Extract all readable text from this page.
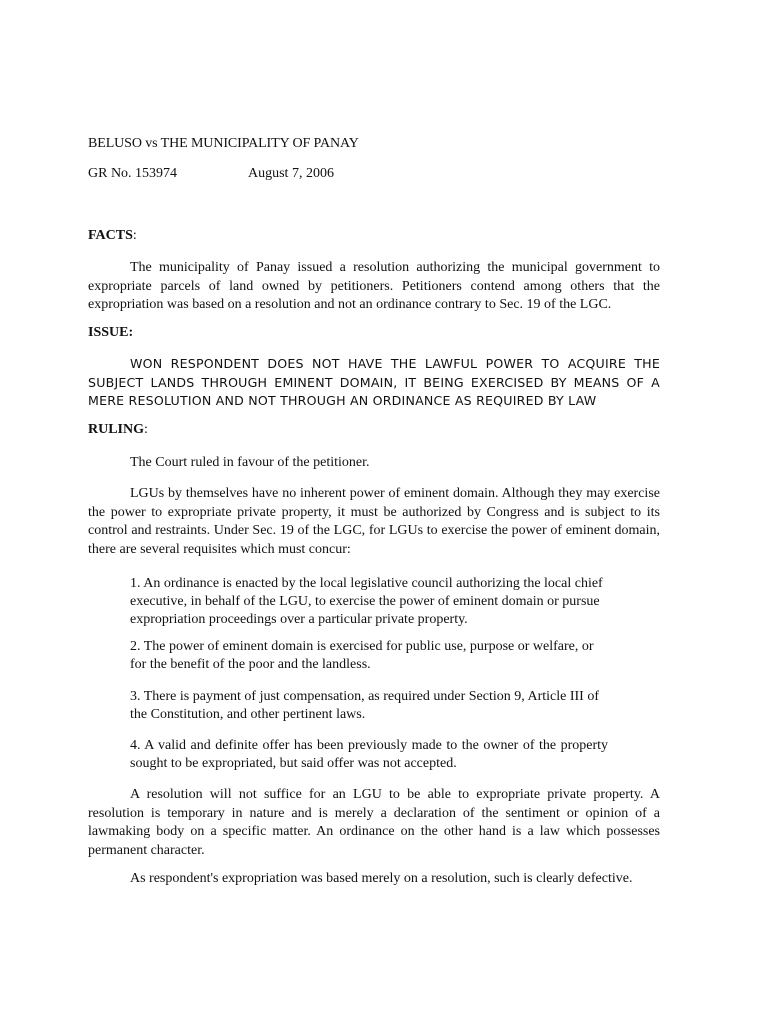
BELUSO vs THE MUNICIPALITY OF PANAY
GR No. 153974	August 7, 2006
FACTS:
The municipality of Panay issued a resolution authorizing the municipal government to expropriate parcels of land owned by petitioners. Petitioners contend among others that the expropriation was based on a resolution and not an ordinance contrary to Sec. 19 of the LGC.
ISSUE:
WON RESPONDENT DOES NOT HAVE THE LAWFUL POWER TO ACQUIRE THE SUBJECT LANDS THROUGH EMINENT DOMAIN, IT BEING EXERCISED BY MEANS OF A MERE RESOLUTION AND NOT THROUGH AN ORDINANCE AS REQUIRED BY LAW
RULING:
The Court ruled in favour of the petitioner.
LGUs by themselves have no inherent power of eminent domain. Although they may exercise the power to expropriate private property, it must be authorized by Congress and is subject to its control and restraints. Under Sec. 19 of the LGC, for LGUs to exercise the power of eminent domain, there are several requisites which must concur:
1. An ordinance is enacted by the local legislative council authorizing the local chief executive, in behalf of the LGU, to exercise the power of eminent domain or pursue expropriation proceedings over a particular private property.
2. The power of eminent domain is exercised for public use, purpose or welfare, or for the benefit of the poor and the landless.
3. There is payment of just compensation, as required under Section 9, Article III of the Constitution, and other pertinent laws.
4. A valid and definite offer has been previously made to the owner of the property sought to be expropriated, but said offer was not accepted.
A resolution will not suffice for an LGU to be able to expropriate private property. A resolution is temporary in nature and is merely a declaration of the sentiment or opinion of a lawmaking body on a specific matter. An ordinance on the other hand is a law which possesses permanent character.
As respondent's expropriation was based merely on a resolution, such is clearly defective.
